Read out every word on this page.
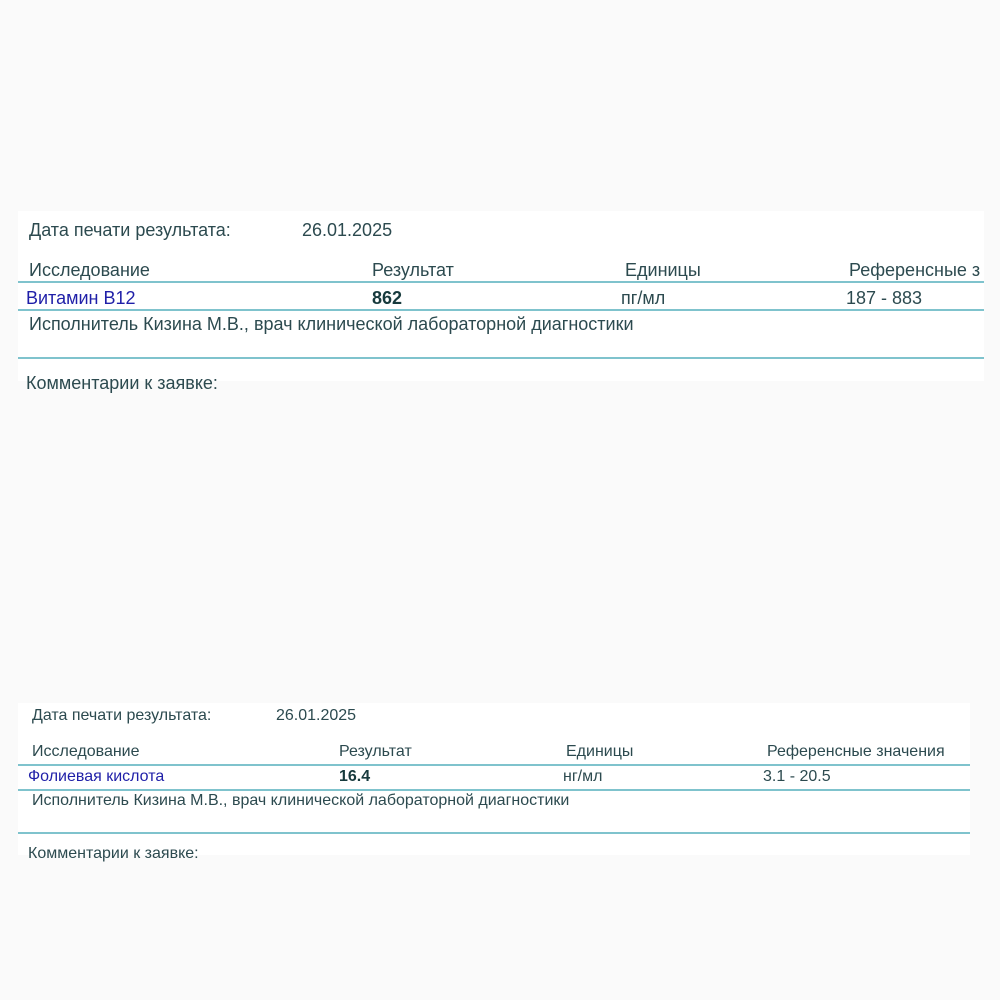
Дата печати результата:	26.01.2025
Исследование	Результат	Единицы	Референсные з
Витамин B12	862	пг/мл	187 - 883
Исполнитель Кизина М.В., врач клинической лабораторной диагностики
Комментарии к заявке:
Дата печати результата:	26.01.2025
Исследование	Результат	Единицы	Референсные значения
Фолиевая кислота	16.4	нг/мл	3.1 - 20.5
Исполнитель Кизина М.В., врач клинической лабораторной диагностики
Комментарии к заявке:
